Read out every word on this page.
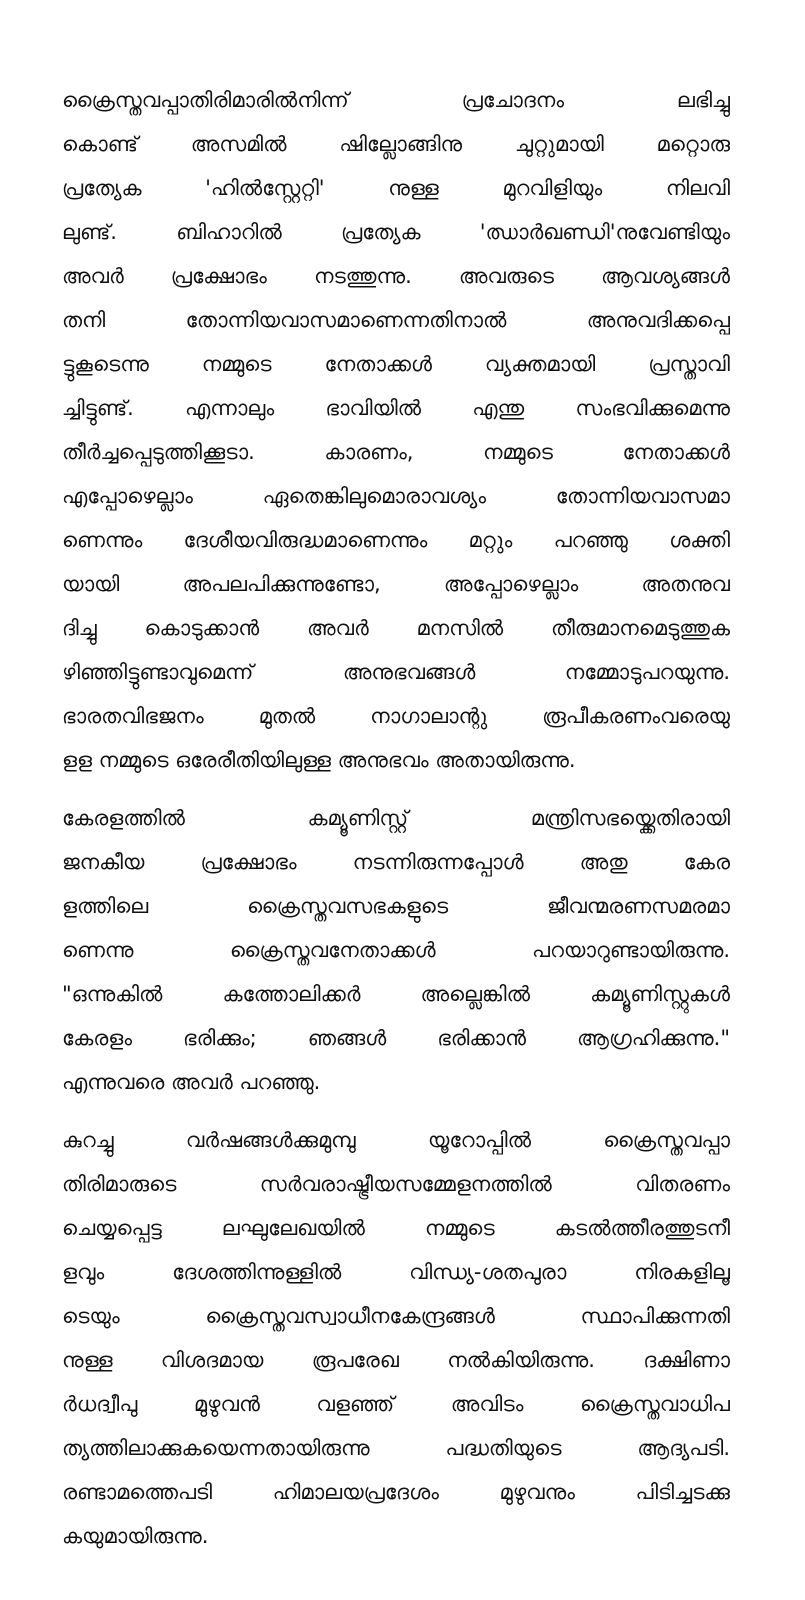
ക്രൈസ്തവപ്പാതിരിമാരിൽനിന്ന് പ്രചോദനം ലഭിച്ചു
കൊണ്ട് അസമിൽ ഷില്ലോങ്ങിനു ചുറ്റുമായി മറ്റൊരു
പ്രത്യേക 'ഹിൽസ്റ്റേറ്റി' നുള്ള മുറവിളിയും നിലവി
ലുണ്ട്. ബിഹാറിൽ പ്രത്യേക 'ഝാർഖണ്ഡി'നുവേണ്ടിയും
അവർ പ്രക്ഷോഭം നടത്തുന്നു. അവരുടെ ആവശ്യങ്ങൾ
തനി തോന്നിയവാസമാണെന്നതിനാൽ അനുവദിക്കപ്പെ
ട്ടുകൂടെന്നു നമ്മുടെ നേതാക്കൾ വ്യക്തമായി പ്രസ്താവി
ച്ചിട്ടുണ്ട്. എന്നാലും ഭാവിയിൽ എന്തു സംഭവിക്കുമെന്നു
തീർച്ചപ്പെടുത്തിക്കൂടാ. കാരണം, നമ്മുടെ നേതാക്കൾ
എപ്പോഴെല്ലാം ഏതെങ്കിലുമൊരാവശ്യം തോന്നിയവാസമാ
ണെന്നും ദേശീയവിരുദ്ധമാണെന്നും മറ്റും പറഞ്ഞു ശക്തി
യായി അപലപിക്കുന്നുണ്ടോ, അപ്പോഴെല്ലാം അതനുവ
ദിച്ചു കൊടുക്കാൻ അവർ മനസിൽ തീരുമാനമെടുത്തുക
ഴിഞ്ഞിട്ടുണ്ടാവുമെന്ന് അനുഭവങ്ങൾ നമ്മോടുപറയുന്നു.
ഭാരതവിഭജനം മുതൽ നാഗാലാന്റു രൂപീകരണംവരെയു
ളള നമ്മുടെ ഒരേരീതിയിലുള്ള അനുഭവം അതായിരുന്നു.
കേരളത്തിൽ കമ്യൂണിസ്റ്റ് മന്ത്രിസഭയ്ക്കെതിരായി
ജനകീയ പ്രക്ഷോഭം നടന്നിരുന്നപ്പോൾ അതു കേര
ളത്തിലെ ക്രൈസ്തവസഭകളുടെ ജീവന്മരണസമരമാ
ണെന്നു ക്രൈസ്തവനേതാക്കൾ പറയാറുണ്ടായിരുന്നു.
"ഒന്നുകിൽ കത്തോലിക്കർ അല്ലെങ്കിൽ കമ്യൂണിസ്റ്റുകൾ
കേരളം ഭരിക്കും; ഞങ്ങൾ ഭരിക്കാൻ ആഗ്രഹിക്കുന്നു."
എന്നുവരെ അവർ പറഞ്ഞു.
കുറച്ചു വർഷങ്ങൾക്കുമുമ്പു യൂറോപ്പിൽ ക്രൈസ്തവപ്പാ
തിരിമാരുടെ സർവരാഷ്ട്രീയസമ്മേളനത്തിൽ വിതരണം
ചെയ്യപ്പെട്ട ലഘുലേഖയിൽ നമ്മുടെ കടൽത്തീരത്തുടനീ
ളവും ദേശത്തിന്നുള്ളിൽ വിന്ധ്യ-ശതപുരാ നിരകളിലൂ
ടെയും ക്രൈസ്തവസ്വാധീനകേന്ദ്രങ്ങൾ സ്ഥാപിക്കുന്നതി
നുള്ള വിശദമായ രൂപരേഖ നൽകിയിരുന്നു. ദക്ഷിണാ
ർധദ്വീപു മുഴുവൻ വളഞ്ഞ് അവിടം ക്രൈസ്തവാധിപ
ത്യത്തിലാക്കുകയെന്നതായിരുന്നു പദ്ധതിയുടെ ആദ്യപടി.
രണ്ടാമത്തെപടി ഹിമാലയപ്രദേശം മുഴുവനും പിടിച്ചടക്കു
കയുമായിരുന്നു.
